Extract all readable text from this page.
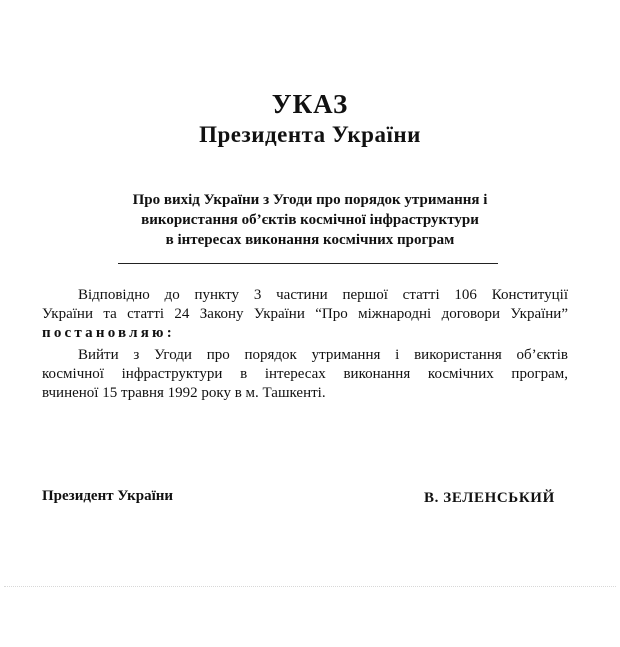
УКАЗ
Президента України
Про вихід України з Угоди про порядок утримання і
використання об’єктів космічної інфраструктури
в інтересах виконання космічних програм
Відповідно до пункту 3 частини першої статті 106 Конституції
України та статті 24 Закону України “Про міжнародні договори України”
постановляю:
Вийти з Угоди про порядок утримання і використання об’єктів
космічної інфраструктури в інтересах виконання космічних програм,
вчиненої 15 травня 1992 року в м. Ташкенті.
Президент України	В. ЗЕЛЕНСЬКИЙ
